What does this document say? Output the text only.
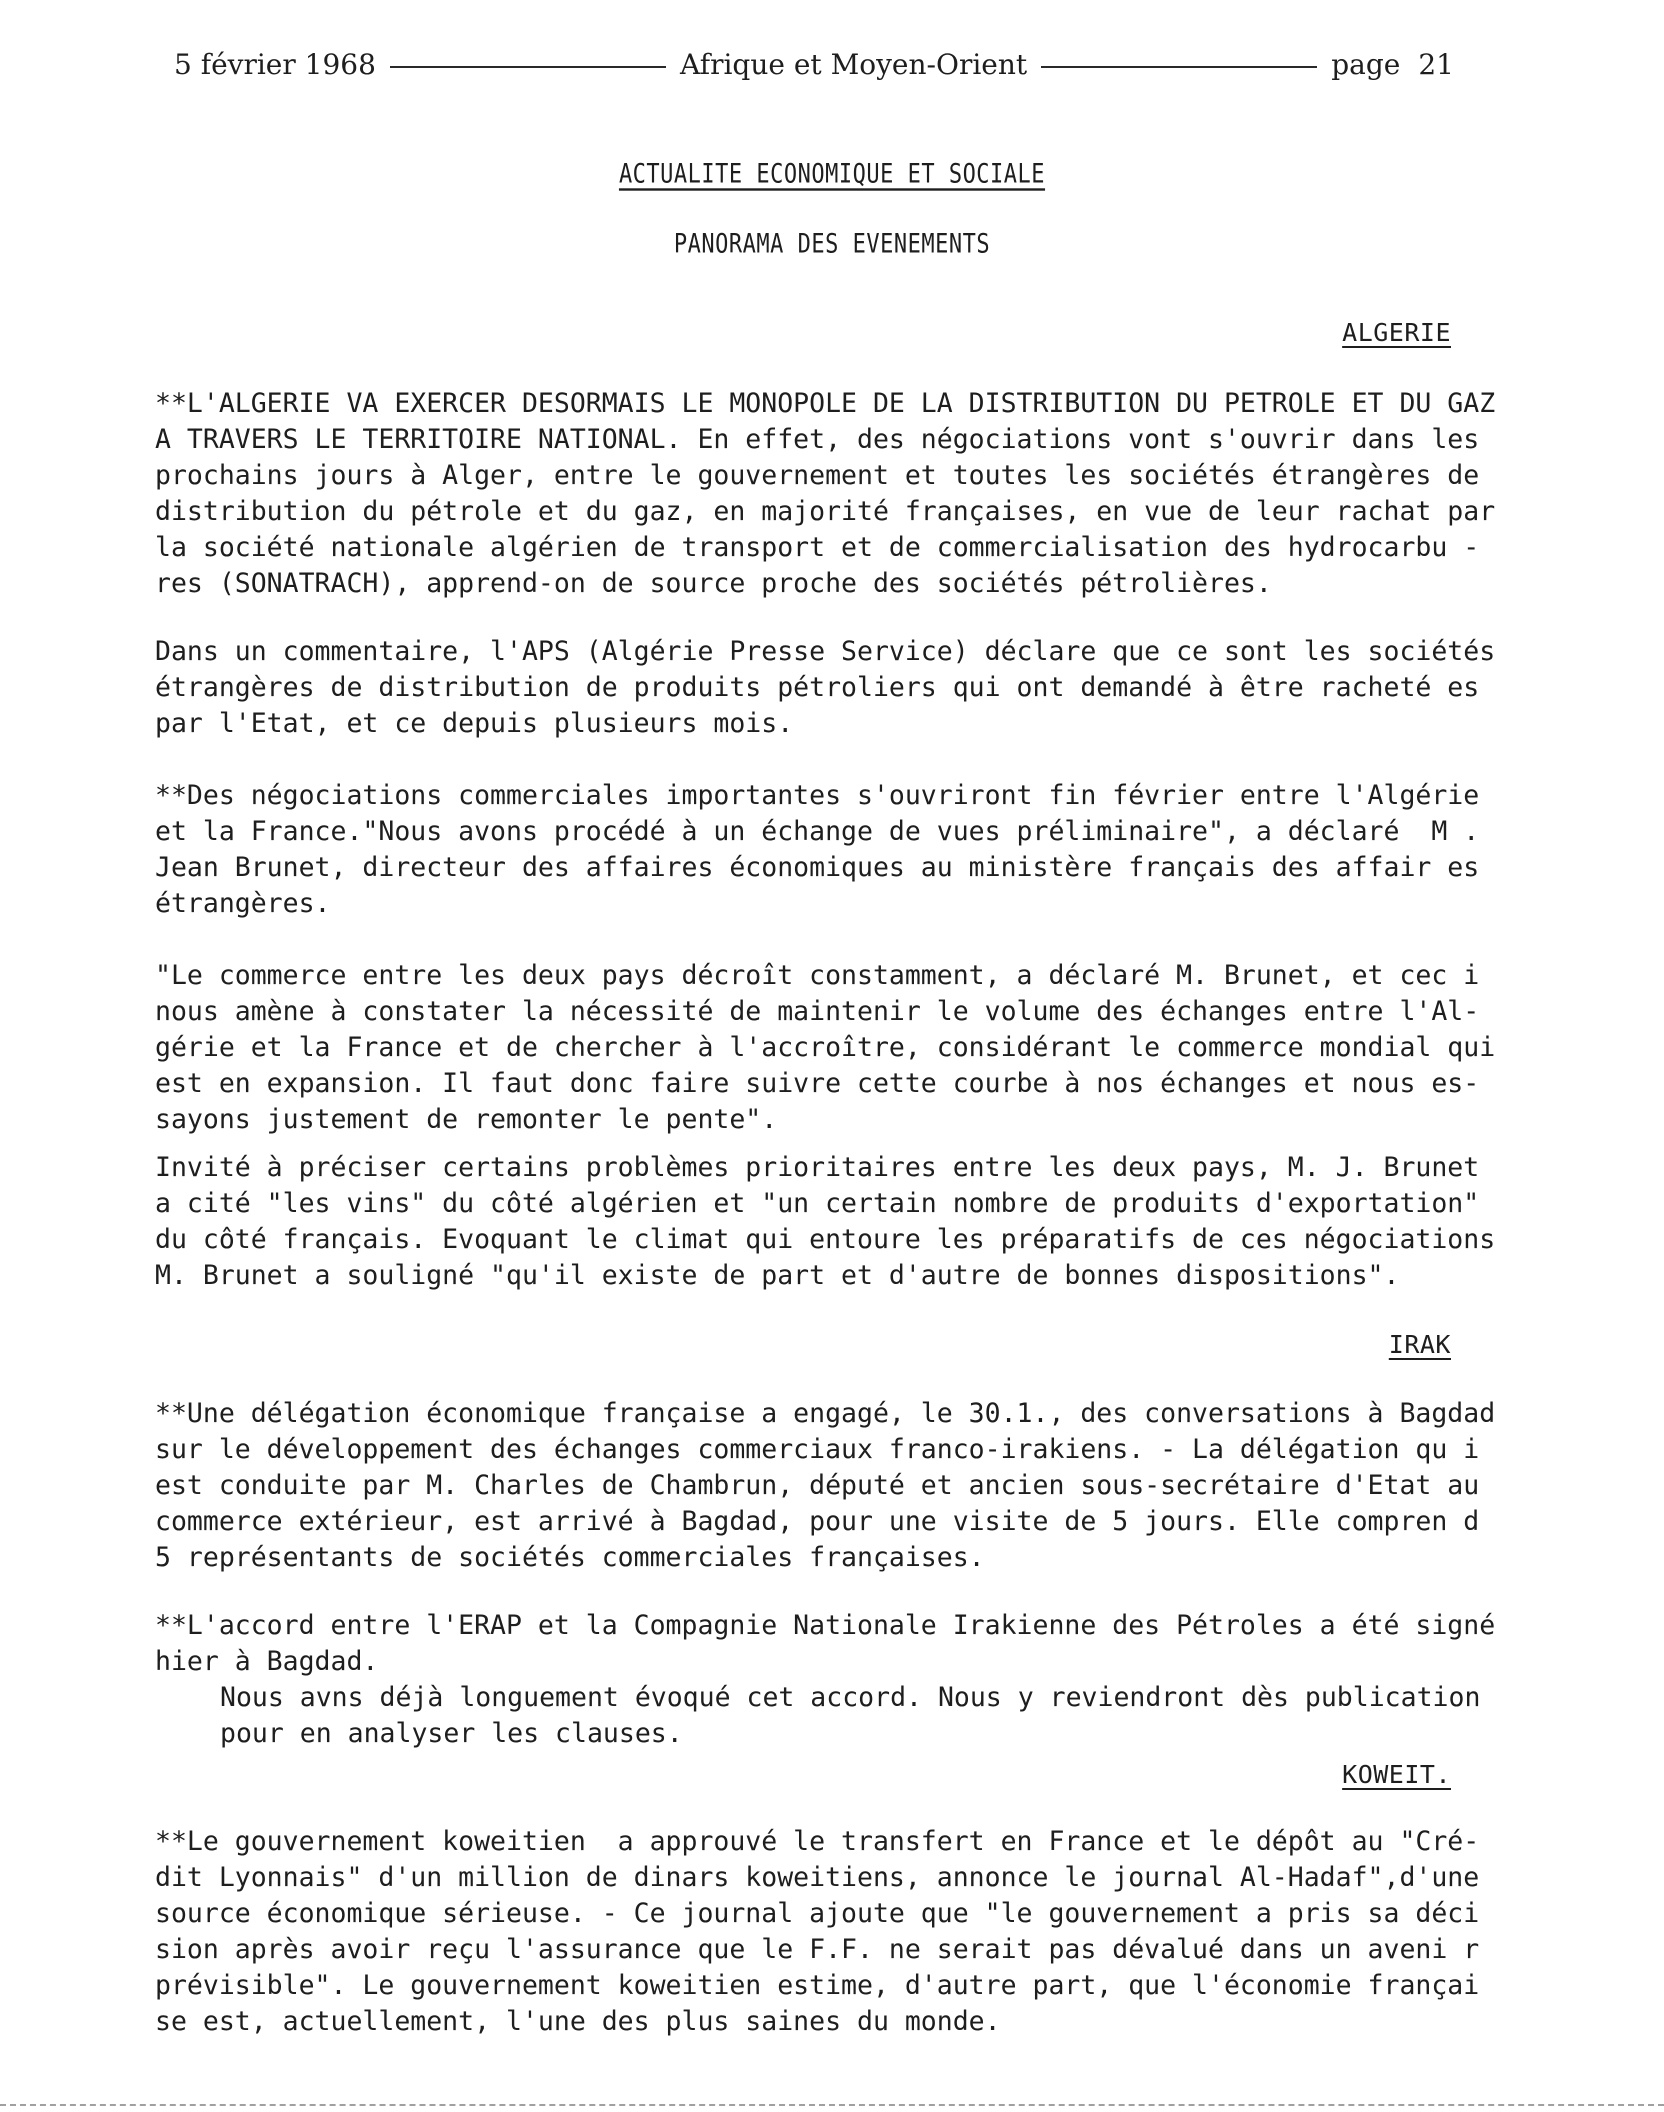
5 février 1968	Afrique et Moyen-Orient	page 21
ACTUALITE ECONOMIQUE ET SOCIALE
PANORAMA DES EVENEMENTS
ALGERIE
**L'ALGERIE VA EXERCER DESORMAIS LE MONOPOLE DE LA DISTRIBUTION DU PETROLE ET DU GAZ
A TRAVERS LE TERRITOIRE NATIONAL. En effet, des négociations vont s'ouvrir dans les
prochains jours à Alger, entre le gouvernement et toutes les sociétés étrangères de
distribution du pétrole et du gaz, en majorité françaises, en vue de leur rachat par
la société nationale algérien de transport et de commercialisation des hydrocarbu -
res (SONATRACH), apprend-on de source proche des sociétés pétrolières.
Dans un commentaire, l'APS (Algérie Presse Service) déclare que ce sont les sociétés
étrangères de distribution de produits pétroliers qui ont demandé à être racheté es
par l'Etat, et ce depuis plusieurs mois.
**Des négociations commerciales importantes s'ouvriront fin février entre l'Algérie
et la France."Nous avons procédé à un échange de vues préliminaire", a déclaré  M .
Jean Brunet, directeur des affaires économiques au ministère français des affair es
étrangères.
"Le commerce entre les deux pays décroît constamment, a déclaré M. Brunet, et cec i
nous amène à constater la nécessité de maintenir le volume des échanges entre l'Al-
gérie et la France et de chercher à l'accroître, considérant le commerce mondial qui
est en expansion. Il faut donc faire suivre cette courbe à nos échanges et nous es-
sayons justement de remonter le pente".
Invité à préciser certains problèmes prioritaires entre les deux pays, M. J. Brunet
a cité "les vins" du côté algérien et "un certain nombre de produits d'exportation"
du côté français. Evoquant le climat qui entoure les préparatifs de ces négociations
M. Brunet a souligné "qu'il existe de part et d'autre de bonnes dispositions".
IRAK
**Une délégation économique française a engagé, le 30.1., des conversations à Bagdad
sur le développement des échanges commerciaux franco-irakiens. - La délégation qu i
est conduite par M. Charles de Chambrun, député et ancien sous-secrétaire d'Etat au
commerce extérieur, est arrivé à Bagdad, pour une visite de 5 jours. Elle compren d
5 représentants de sociétés commerciales françaises.
**L'accord entre l'ERAP et la Compagnie Nationale Irakienne des Pétroles a été signé
hier à Bagdad.
Nous avns déjà longuement évoqué cet accord. Nous y reviendront dès publication
pour en analyser les clauses.
KOWEIT.
**Le gouvernement koweitien  a approuvé le transfert en France et le dépôt au "Cré-
dit Lyonnais" d'un million de dinars koweitiens, annonce le journal Al-Hadaf",d'une
source économique sérieuse. - Ce journal ajoute que "le gouvernement a pris sa déci
sion après avoir reçu l'assurance que le F.F. ne serait pas dévalué dans un aveni r
prévisible". Le gouvernement koweitien estime, d'autre part, que l'économie françai
se est, actuellement, l'une des plus saines du monde.
